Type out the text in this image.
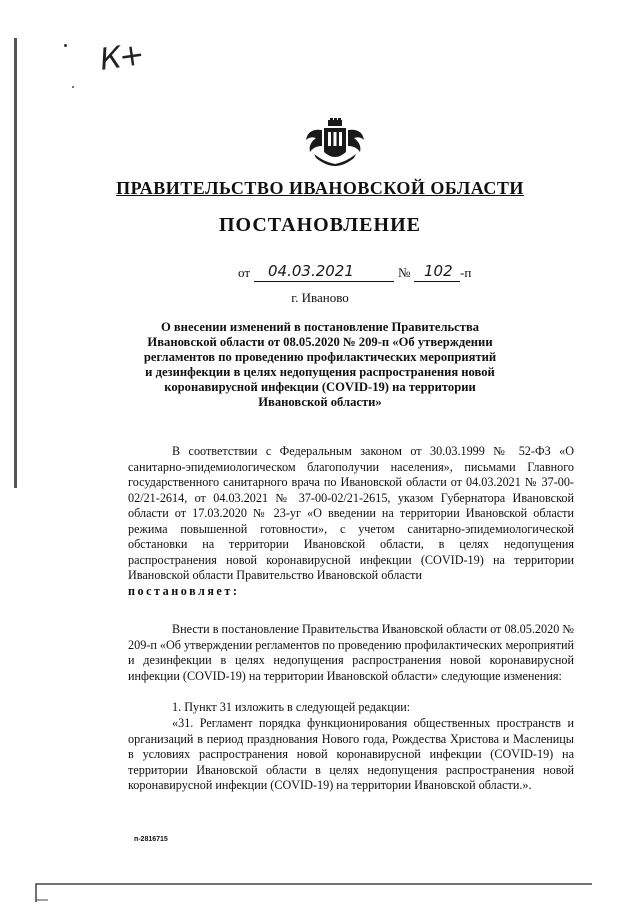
К+
ПРАВИТЕЛЬСТВО ИВАНОВСКОЙ ОБЛАСТИ
ПОСТАНОВЛЕНИЕ
от 04.03.2021	№ 102 -п
г. Иваново
О внесении изменений в постановление Правительства Ивановской области от 08.05.2020 № 209-п «Об утверждении регламентов по проведению профилактических мероприятий и дезинфекции в целях недопущения распространения новой коронавирусной инфекции (COVID-19) на территории Ивановской области»

В соответствии с Федеральным законом от 30.03.1999 № 52-ФЗ «О санитарно-эпидемиологическом благополучии населения», письмами Главного государственного санитарного врача по Ивановской области от 04.03.2021 № 37-00-02/21-2614, от 04.03.2021 № 37-00-02/21-2615, указом Губернатора Ивановской области от 17.03.2020 № 23-уг «О введении на территории Ивановской области режима повышенной готовности», с учетом санитарно-эпидемиологической обстановки на территории Ивановской области, в целях недопущения распространения новой коронавирусной инфекции (COVID-19) на территории Ивановской области Правительство Ивановской области

постановляет:

Внести в постановление Правительства Ивановской области от 08.05.2020 № 209-п «Об утверждении регламентов по проведению профилактических мероприятий и дезинфекции в целях недопущения распространения новой коронавирусной инфекции (COVID-19) на территории Ивановской области» следующие изменения:

1. Пункт 31 изложить в следующей редакции:

«31. Регламент порядка функционирования общественных пространств и организаций в период празднования Нового года, Рождества Христова и Масленицы в условиях распространения новой коронавирусной инфекции (COVID-19) на территории Ивановской области в целях недопущения распространения новой коронавирусной инфекции (COVID-19) на территории Ивановской области.».

п-2816715
